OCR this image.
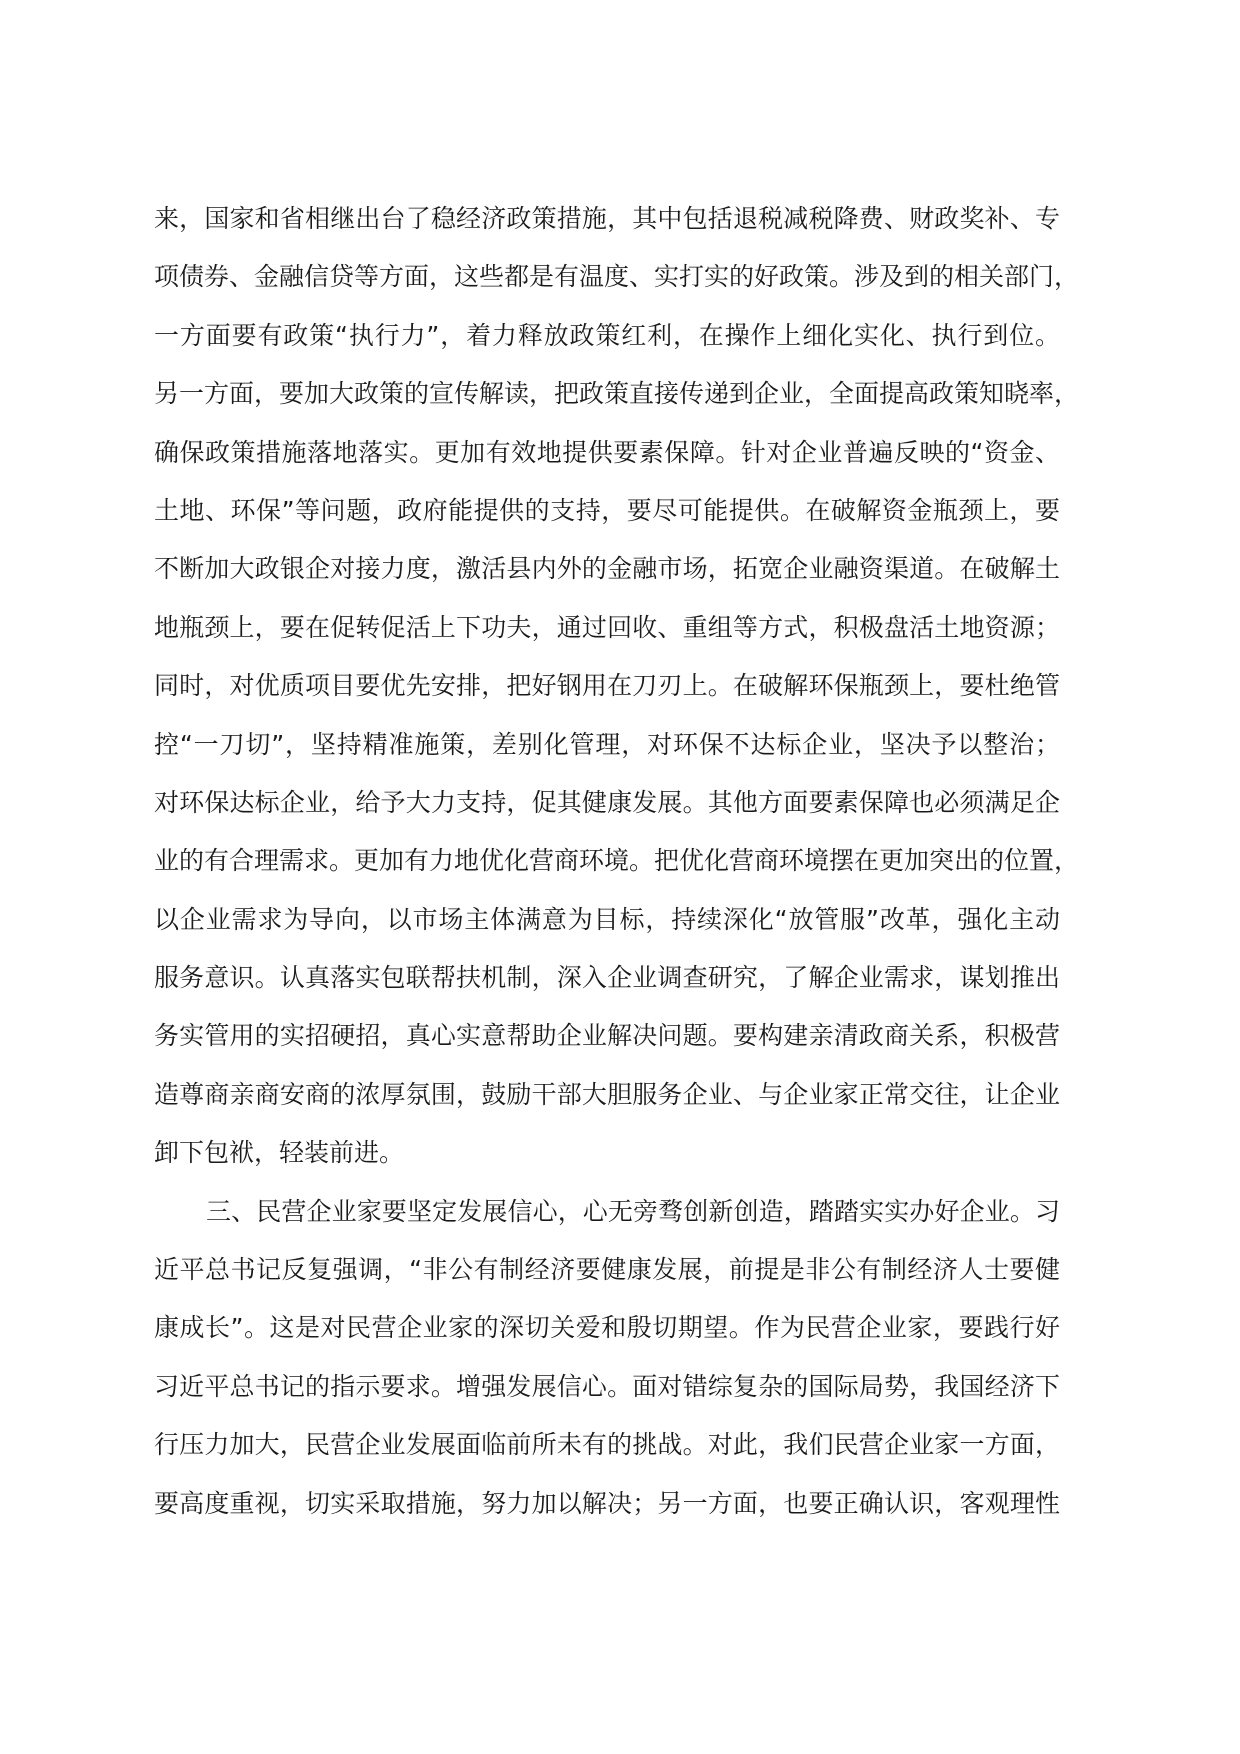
来，国家和省相继出台了稳经济政策措施，其中包括退税减税降费、财政奖补、专
项债券、金融信贷等方面，这些都是有温度、实打实的好政策。涉及到的相关部门，
一方面要有政策“执行力”，着力释放政策红利，在操作上细化实化、执行到位。
另一方面，要加大政策的宣传解读，把政策直接传递到企业，全面提高政策知晓率，
确保政策措施落地落实。更加有效地提供要素保障。针对企业普遍反映的“资金、
土地、环保”等问题，政府能提供的支持，要尽可能提供。在破解资金瓶颈上，要
不断加大政银企对接力度，激活县内外的金融市场，拓宽企业融资渠道。在破解土
地瓶颈上，要在促转促活上下功夫，通过回收、重组等方式，积极盘活土地资源；
同时，对优质项目要优先安排，把好钢用在刀刃上。在破解环保瓶颈上，要杜绝管
控“一刀切”，坚持精准施策，差别化管理，对环保不达标企业，坚决予以整治；
对环保达标企业，给予大力支持，促其健康发展。其他方面要素保障也必须满足企
业的有合理需求。更加有力地优化营商环境。把优化营商环境摆在更加突出的位置，
以企业需求为导向，以市场主体满意为目标，持续深化“放管服”改革，强化主动
服务意识。认真落实包联帮扶机制，深入企业调查研究，了解企业需求，谋划推出
务实管用的实招硬招，真心实意帮助企业解决问题。要构建亲清政商关系，积极营
造尊商亲商安商的浓厚氛围，鼓励干部大胆服务企业、与企业家正常交往，让企业
卸下包袱，轻装前进。
三、民营企业家要坚定发展信心，心无旁骛创新创造，踏踏实实办好企业。习
近平总书记反复强调，“非公有制经济要健康发展，前提是非公有制经济人士要健
康成长”。这是对民营企业家的深切关爱和殷切期望。作为民营企业家，要践行好
习近平总书记的指示要求。增强发展信心。面对错综复杂的国际局势，我国经济下
行压力加大，民营企业发展面临前所未有的挑战。对此，我们民营企业家一方面，
要高度重视，切实采取措施，努力加以解决；另一方面，也要正确认识，客观理性
